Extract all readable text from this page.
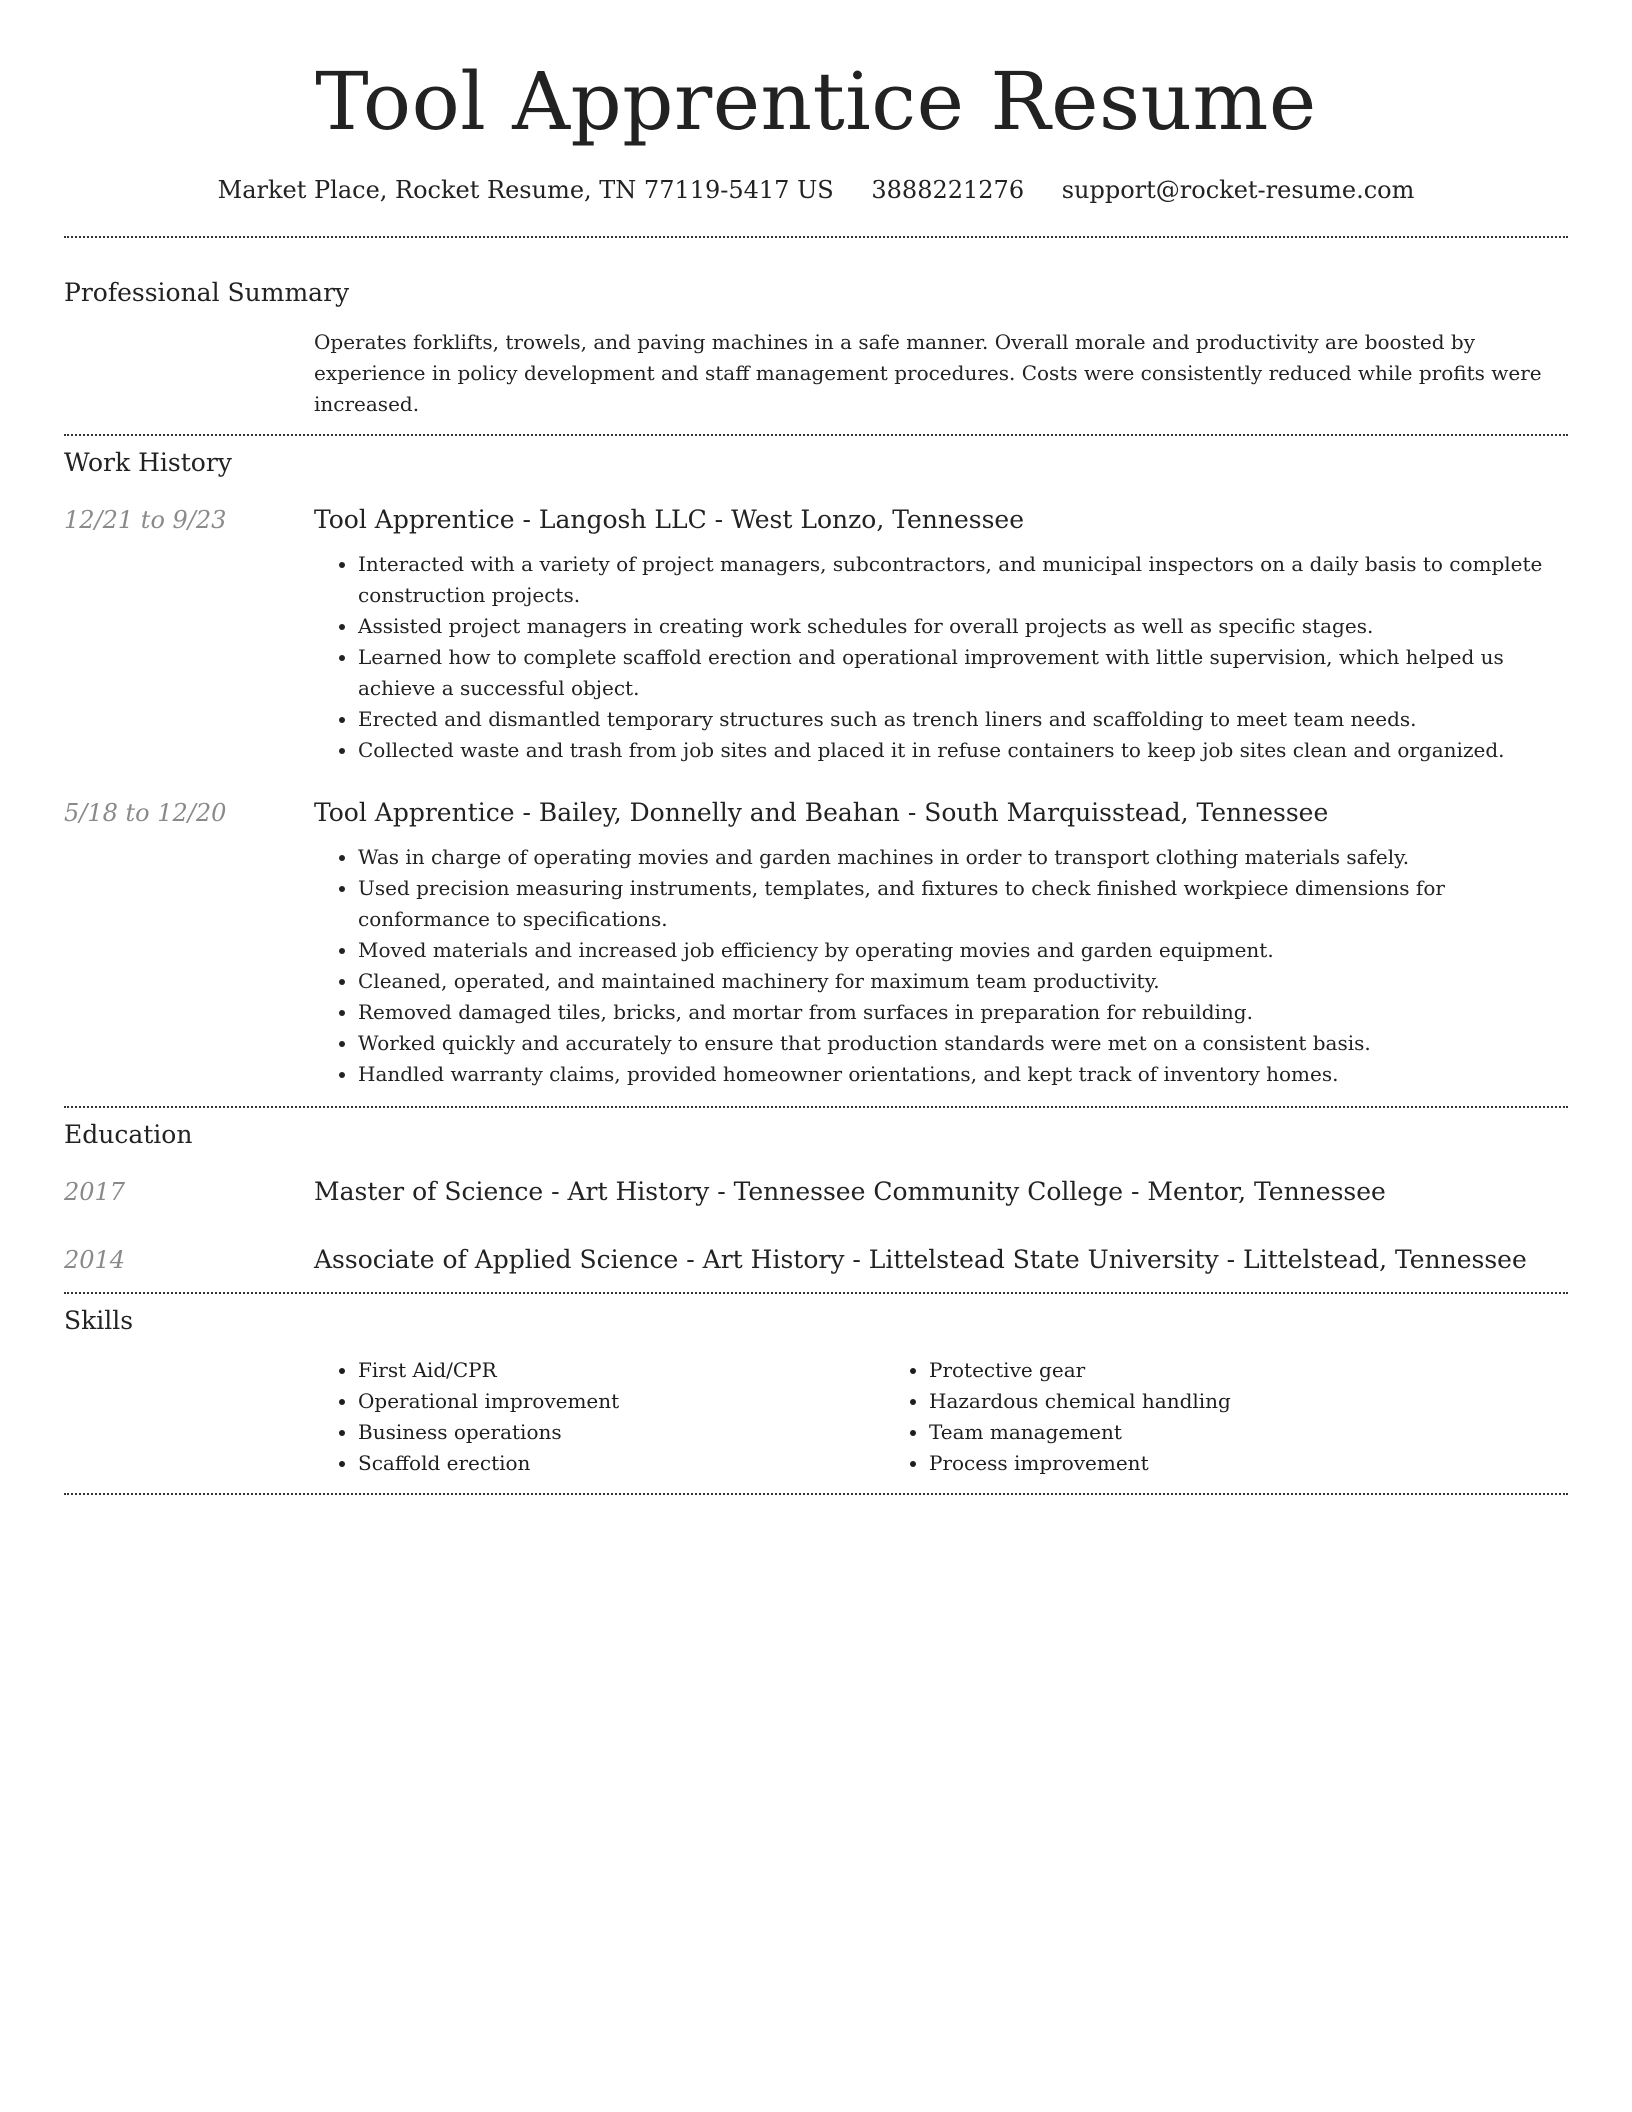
Tool Apprentice Resume
Market Place, Rocket Resume, TN 77119-5417 US 3888221276 support@rocket-resume.com
Professional Summary
Operates forklifts, trowels, and paving machines in a safe manner. Overall morale and productivity are boosted by experience in policy development and staff management procedures. Costs were consistently reduced while profits were increased.
Work History
12/21 to 9/23	Tool Apprentice - Langosh LLC - West Lonzo, Tennessee
• Interacted with a variety of project managers, subcontractors, and municipal inspectors on a daily basis to complete construction projects.
• Assisted project managers in creating work schedules for overall projects as well as specific stages.
• Learned how to complete scaffold erection and operational improvement with little supervision, which helped us achieve a successful object.
• Erected and dismantled temporary structures such as trench liners and scaffolding to meet team needs.
• Collected waste and trash from job sites and placed it in refuse containers to keep job sites clean and organized.
5/18 to 12/20	Tool Apprentice - Bailey, Donnelly and Beahan - South Marquisstead, Tennessee
• Was in charge of operating movies and garden machines in order to transport clothing materials safely.
• Used precision measuring instruments, templates, and fixtures to check finished workpiece dimensions for conformance to specifications.
• Moved materials and increased job efficiency by operating movies and garden equipment.
• Cleaned, operated, and maintained machinery for maximum team productivity.
• Removed damaged tiles, bricks, and mortar from surfaces in preparation for rebuilding.
• Worked quickly and accurately to ensure that production standards were met on a consistent basis.
• Handled warranty claims, provided homeowner orientations, and kept track of inventory homes.
Education
2017	Master of Science - Art History - Tennessee Community College - Mentor, Tennessee
2014	Associate of Applied Science - Art History - Littelstead State University - Littelstead, Tennessee
Skills
• First Aid/CPR
• Operational improvement
• Business operations
• Scaffold erection
• Protective gear
• Hazardous chemical handling
• Team management
• Process improvement
